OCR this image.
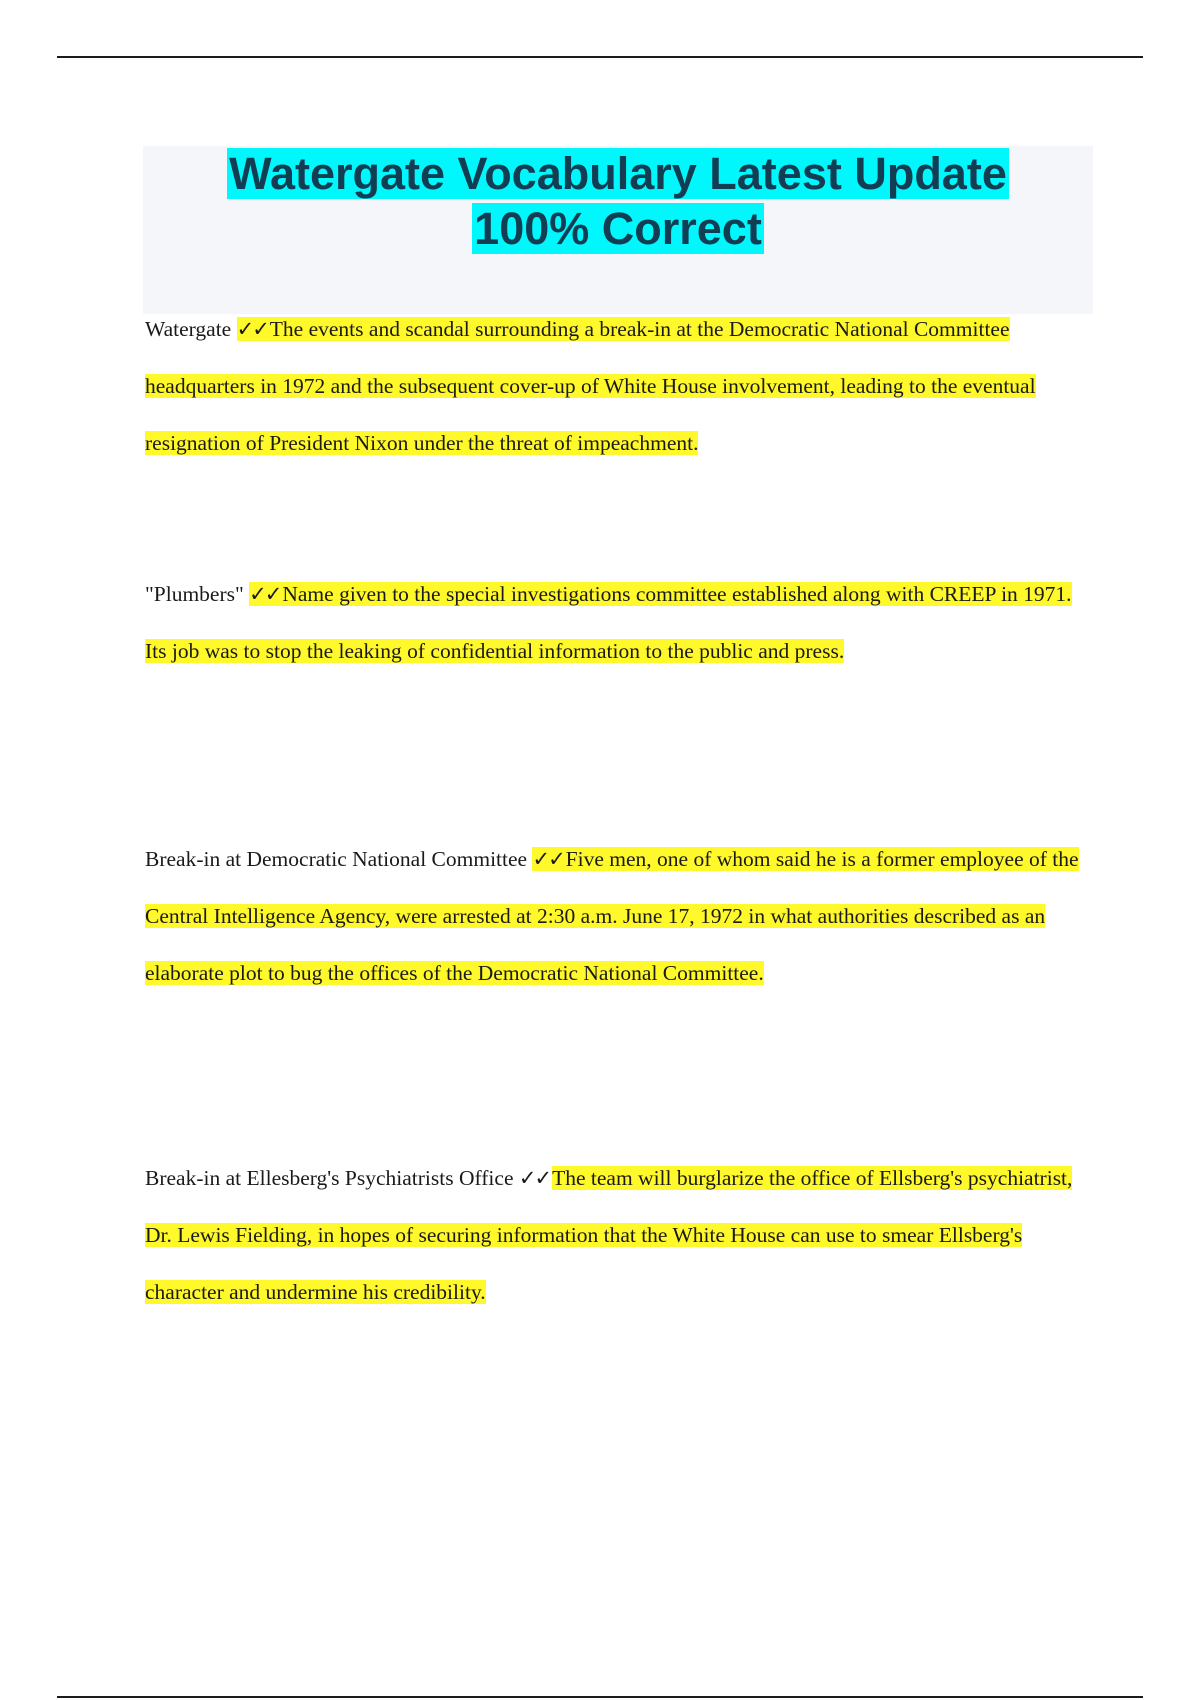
Watergate Vocabulary Latest Update
100% Correct

Watergate ✓✓The events and scandal surrounding a break-in at the Democratic National Committee headquarters in 1972 and the subsequent cover-up of White House involvement, leading to the eventual resignation of President Nixon under the threat of impeachment.

"Plumbers" ✓✓Name given to the special investigations committee established along with CREEP in 1971. Its job was to stop the leaking of confidential information to the public and press.

Break-in at Democratic National Committee ✓✓Five men, one of whom said he is a former employee of the Central Intelligence Agency, were arrested at 2:30 a.m. June 17, 1972 in what authorities described as an elaborate plot to bug the offices of the Democratic National Committee.

Break-in at Ellesberg's Psychiatrists Office ✓✓The team will burglarize the office of Ellsberg's psychiatrist, Dr. Lewis Fielding, in hopes of securing information that the White House can use to smear Ellsberg's character and undermine his credibility.
